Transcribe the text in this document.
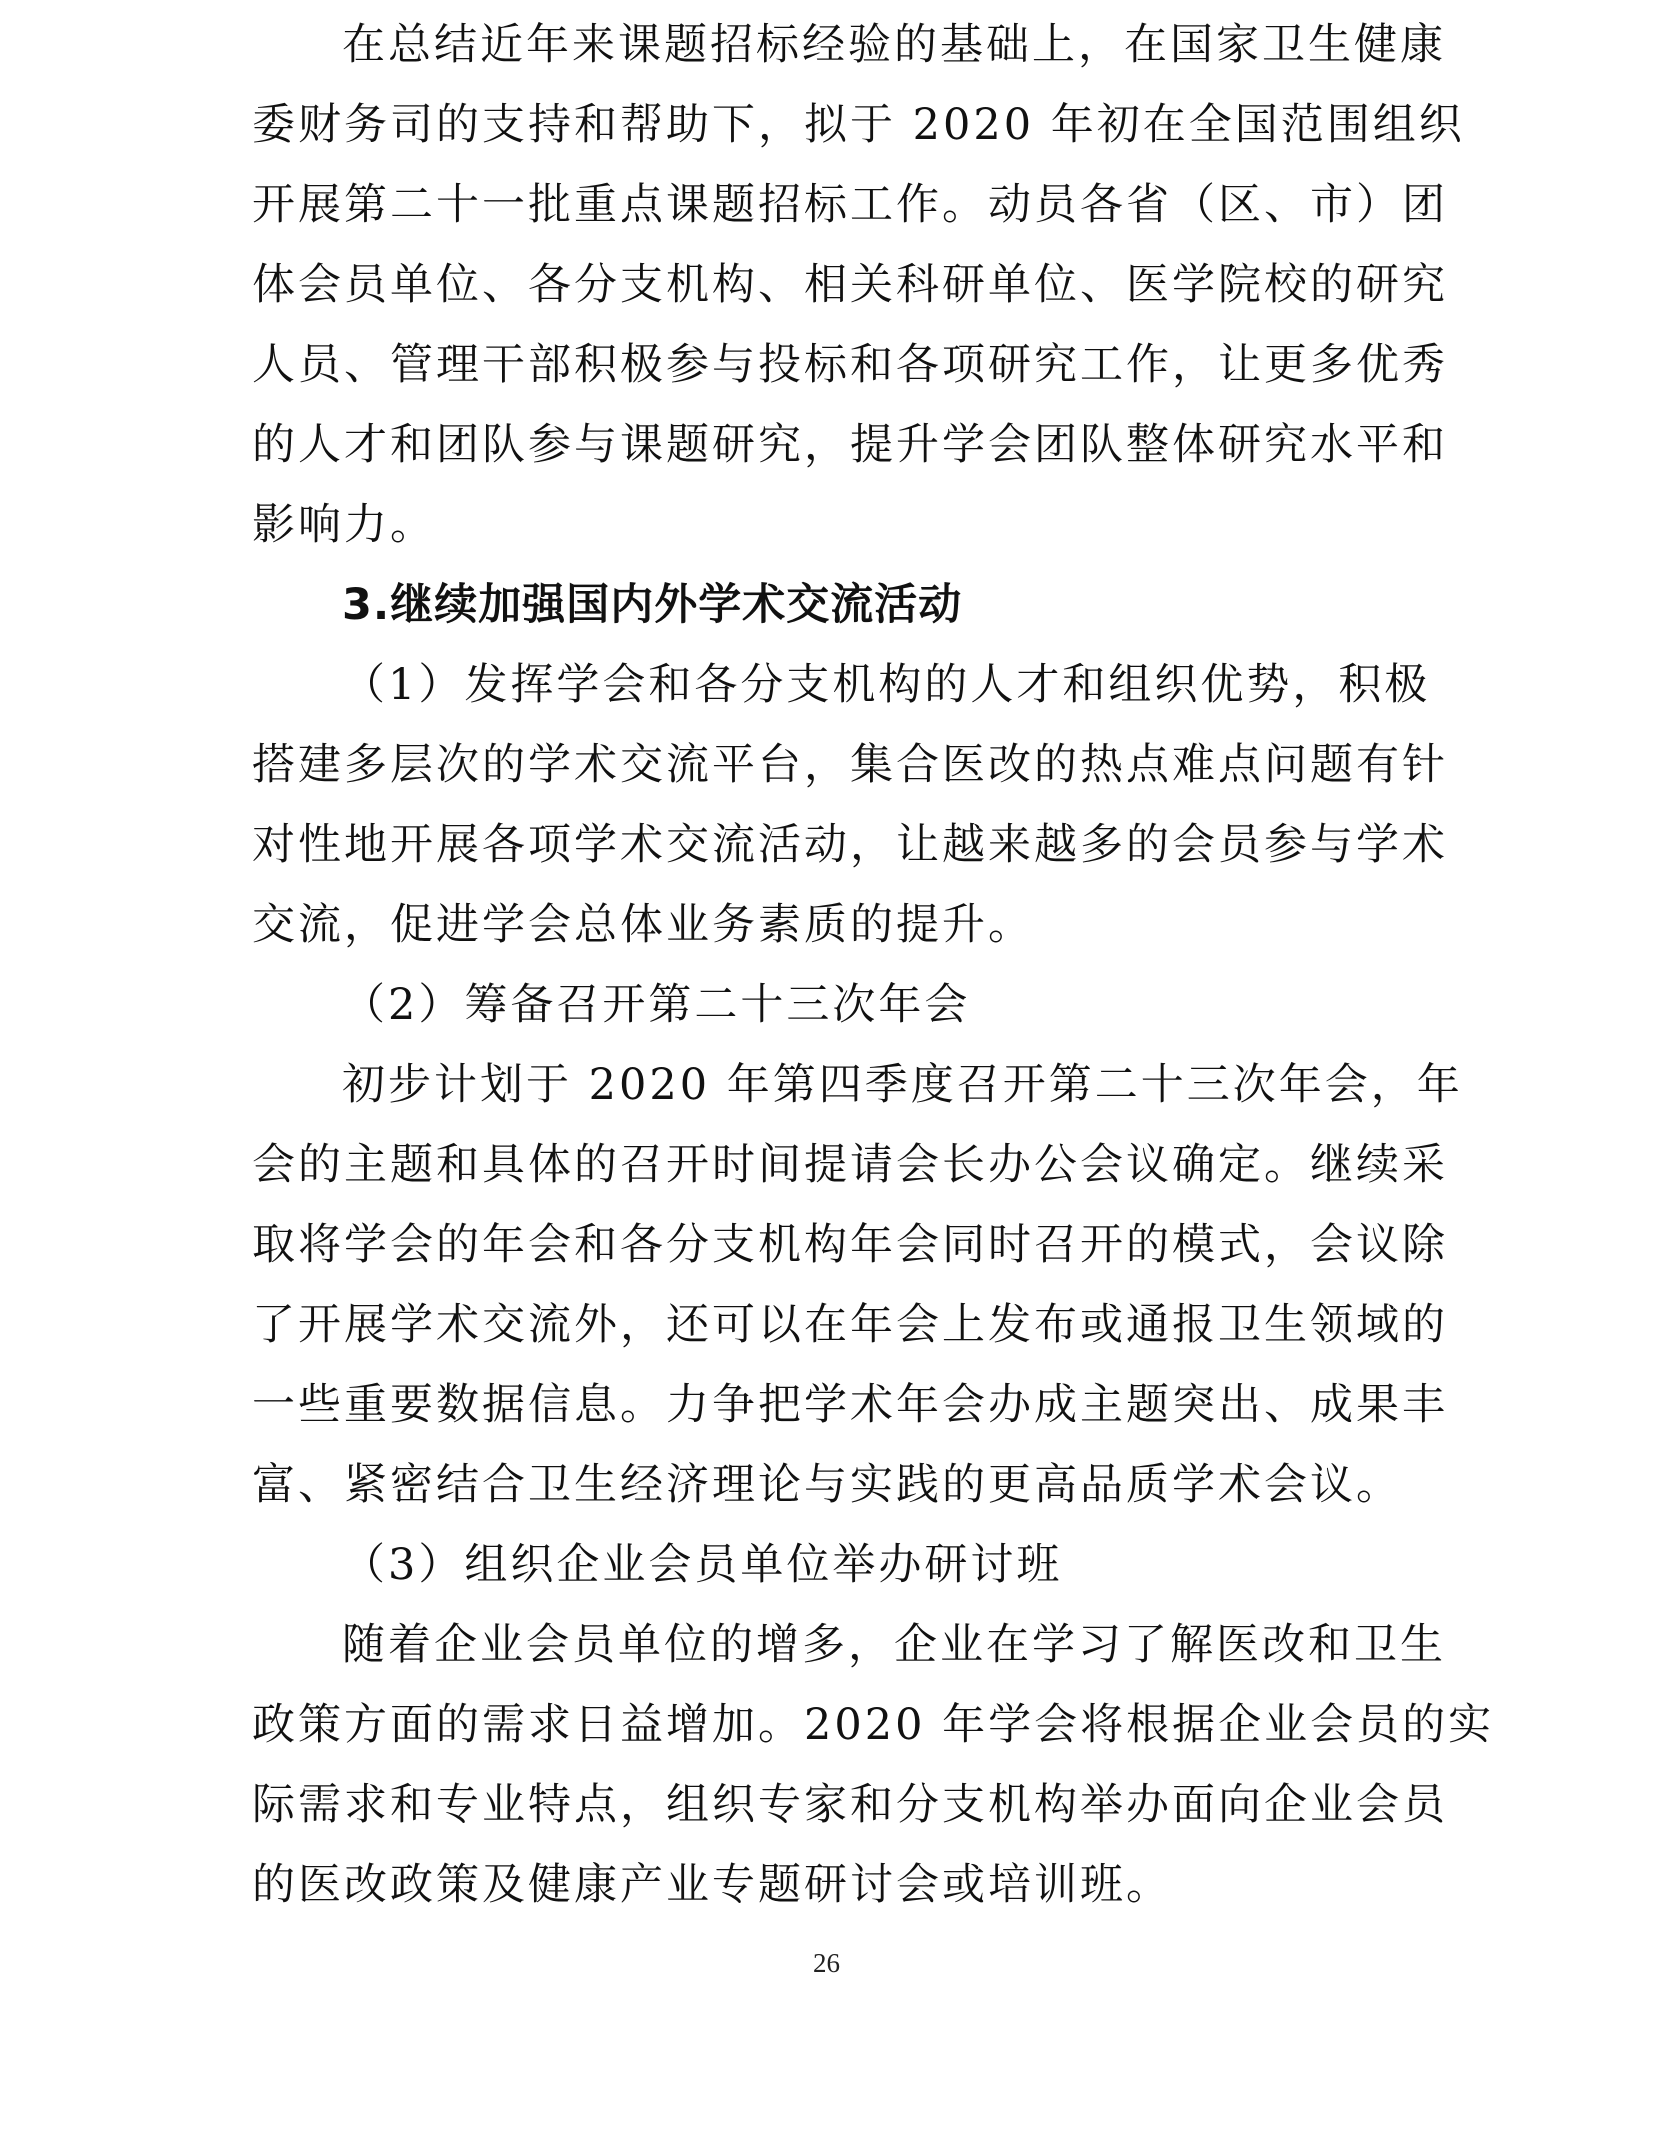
在总结近年来课题招标经验的基础上，在国家卫生健康
委财务司的支持和帮助下，拟于 2020 年初在全国范围组织
开展第二十一批重点课题招标工作。动员各省（区、市）团
体会员单位、各分支机构、相关科研单位、医学院校的研究
人员、管理干部积极参与投标和各项研究工作，让更多优秀
的人才和团队参与课题研究，提升学会团队整体研究水平和
影响力。
3.继续加强国内外学术交流活动
（1）发挥学会和各分支机构的人才和组织优势，积极
搭建多层次的学术交流平台，集合医改的热点难点问题有针
对性地开展各项学术交流活动，让越来越多的会员参与学术
交流，促进学会总体业务素质的提升。
（2）筹备召开第二十三次年会
初步计划于 2020 年第四季度召开第二十三次年会，年
会的主题和具体的召开时间提请会长办公会议确定。继续采
取将学会的年会和各分支机构年会同时召开的模式，会议除
了开展学术交流外，还可以在年会上发布或通报卫生领域的
一些重要数据信息。力争把学术年会办成主题突出、成果丰
富、紧密结合卫生经济理论与实践的更高品质学术会议。
（3）组织企业会员单位举办研讨班
随着企业会员单位的增多，企业在学习了解医改和卫生
政策方面的需求日益增加。2020 年学会将根据企业会员的实
际需求和专业特点，组织专家和分支机构举办面向企业会员
的医改政策及健康产业专题研讨会或培训班。
26
